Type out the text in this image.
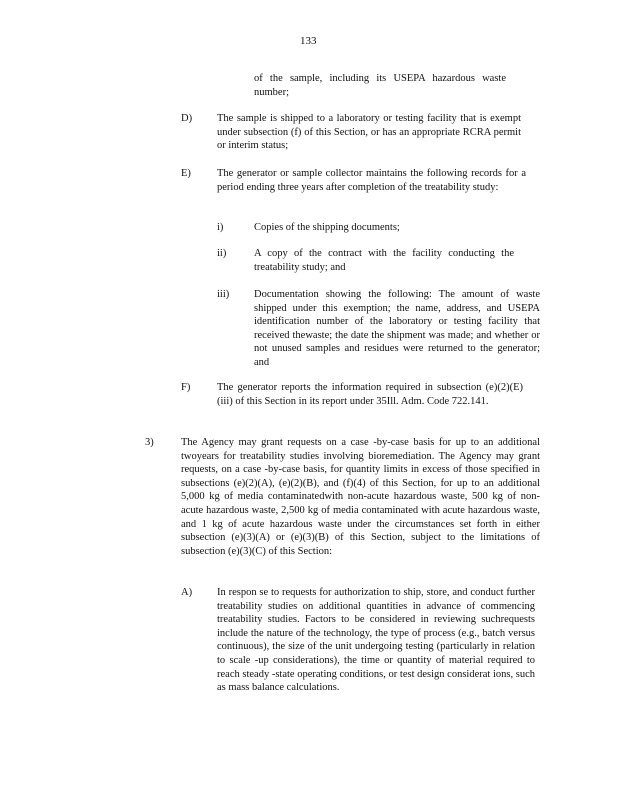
133
of the sample, including its USEPA hazardous waste number;
D) The sample is shipped to a laboratory or testing facility that is exempt under subsection (f) of this Section, or has an appropriate RCRA permit or interim status;
E) The generator or sample collector maintains the following records for a period ending three years after completion of the treatability study:
i)	Copies of the shipping documents;
ii)	A copy of the contract with the facility conducting the treatability study; and
iii) Documentation showing the following: The amount of waste shipped under this exemption; the name, address, and USEPA identification number of the laboratory or testing facility that received thewaste; the date the shipment was made; and whether or not unused samples and residues were returned to the generator; and
F)	The generator reports the information required in subsection (e)(2)(E)(iii) of this Section in its report under 35Ill. Adm. Code 722.141.
3)	The Agency may grant requests on a case -by-case basis for up to an additional twoyears for treatability studies involving bioremediation. The Agency may grant requests, on a case -by-case basis, for quantity limits in excess of those specified in subsections (e)(2)(A), (e)(2)(B), and (f)(4) of this Section, for up to an additional 5,000 kg of media contaminatedwith non-acute hazardous waste, 500 kg of non-acute hazardous waste, 2,500 kg of media contaminated with acute hazardous waste, and 1 kg of acute hazardous waste under the circumstances set forth in either subsection (e)(3)(A) or (e)(3)(B) of this Section, subject to the limitations of subsection (e)(3)(C) of this Section:
A) In respon se to requests for authorization to ship, store, and conduct further treatability studies on additional quantities in advance of commencing treatability studies. Factors to be considered in reviewing suchrequests include the nature of the technology, the type of process (e.g., batch versus continuous), the size of the unit undergoing testing (particularly in relation to scale -up considerations), the time or quantity of material required to reach steady -state operating conditions, or test design considerat ions, such as mass balance calculations.
